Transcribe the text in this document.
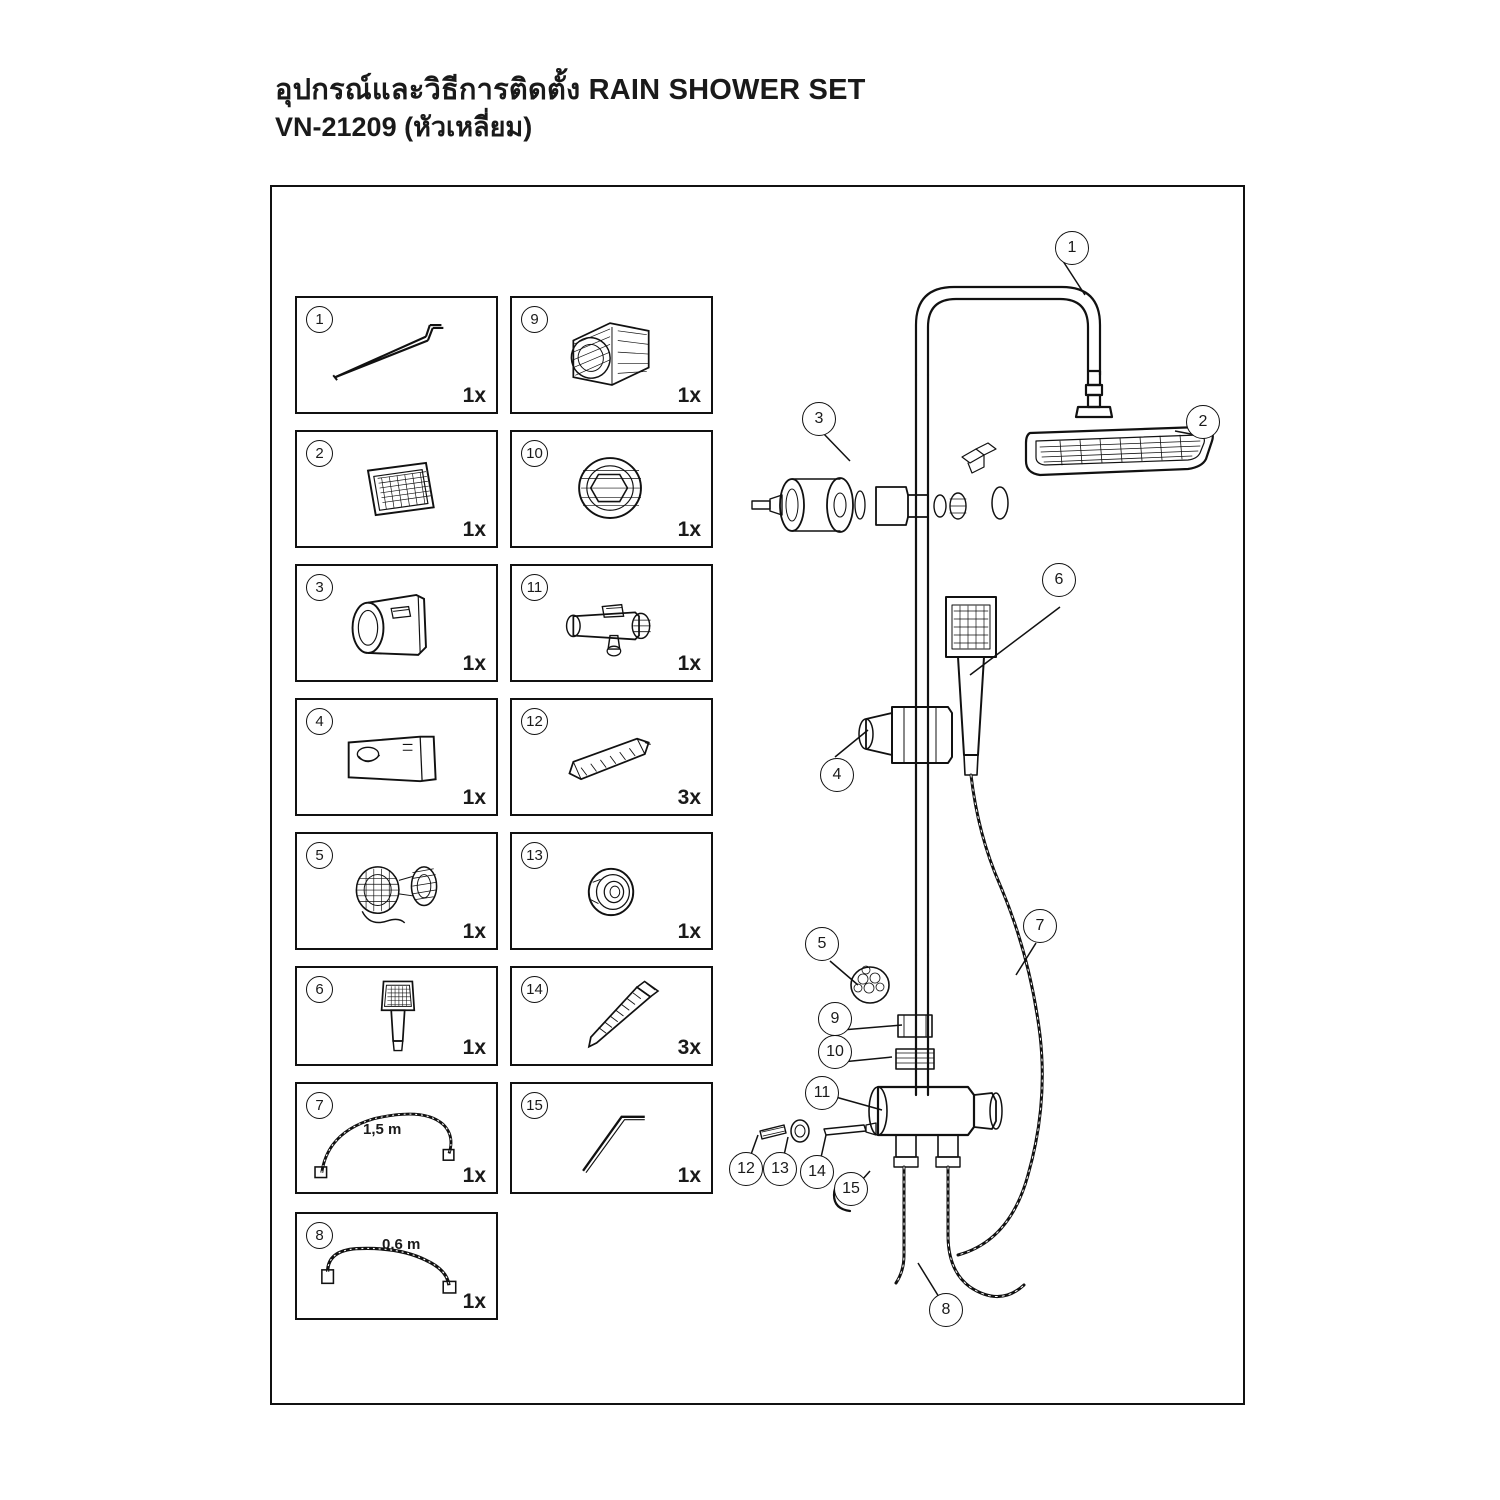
อุปกรณ์และวิธีการติดตั้ง RAIN SHOWER SET
VN-21209 (หัวเหลี่ยม)
1
1x
2
1x
3
1x
4
1x
5
1x
6
1x
7
1,5 m
1x
8
0,6 m
1x
9
1x
10
1x
11
1x
12
3x
13
1x
14
3x
15
1x
1
2
3
4
5
6
7
8
9
10
11
12	13	14
15
